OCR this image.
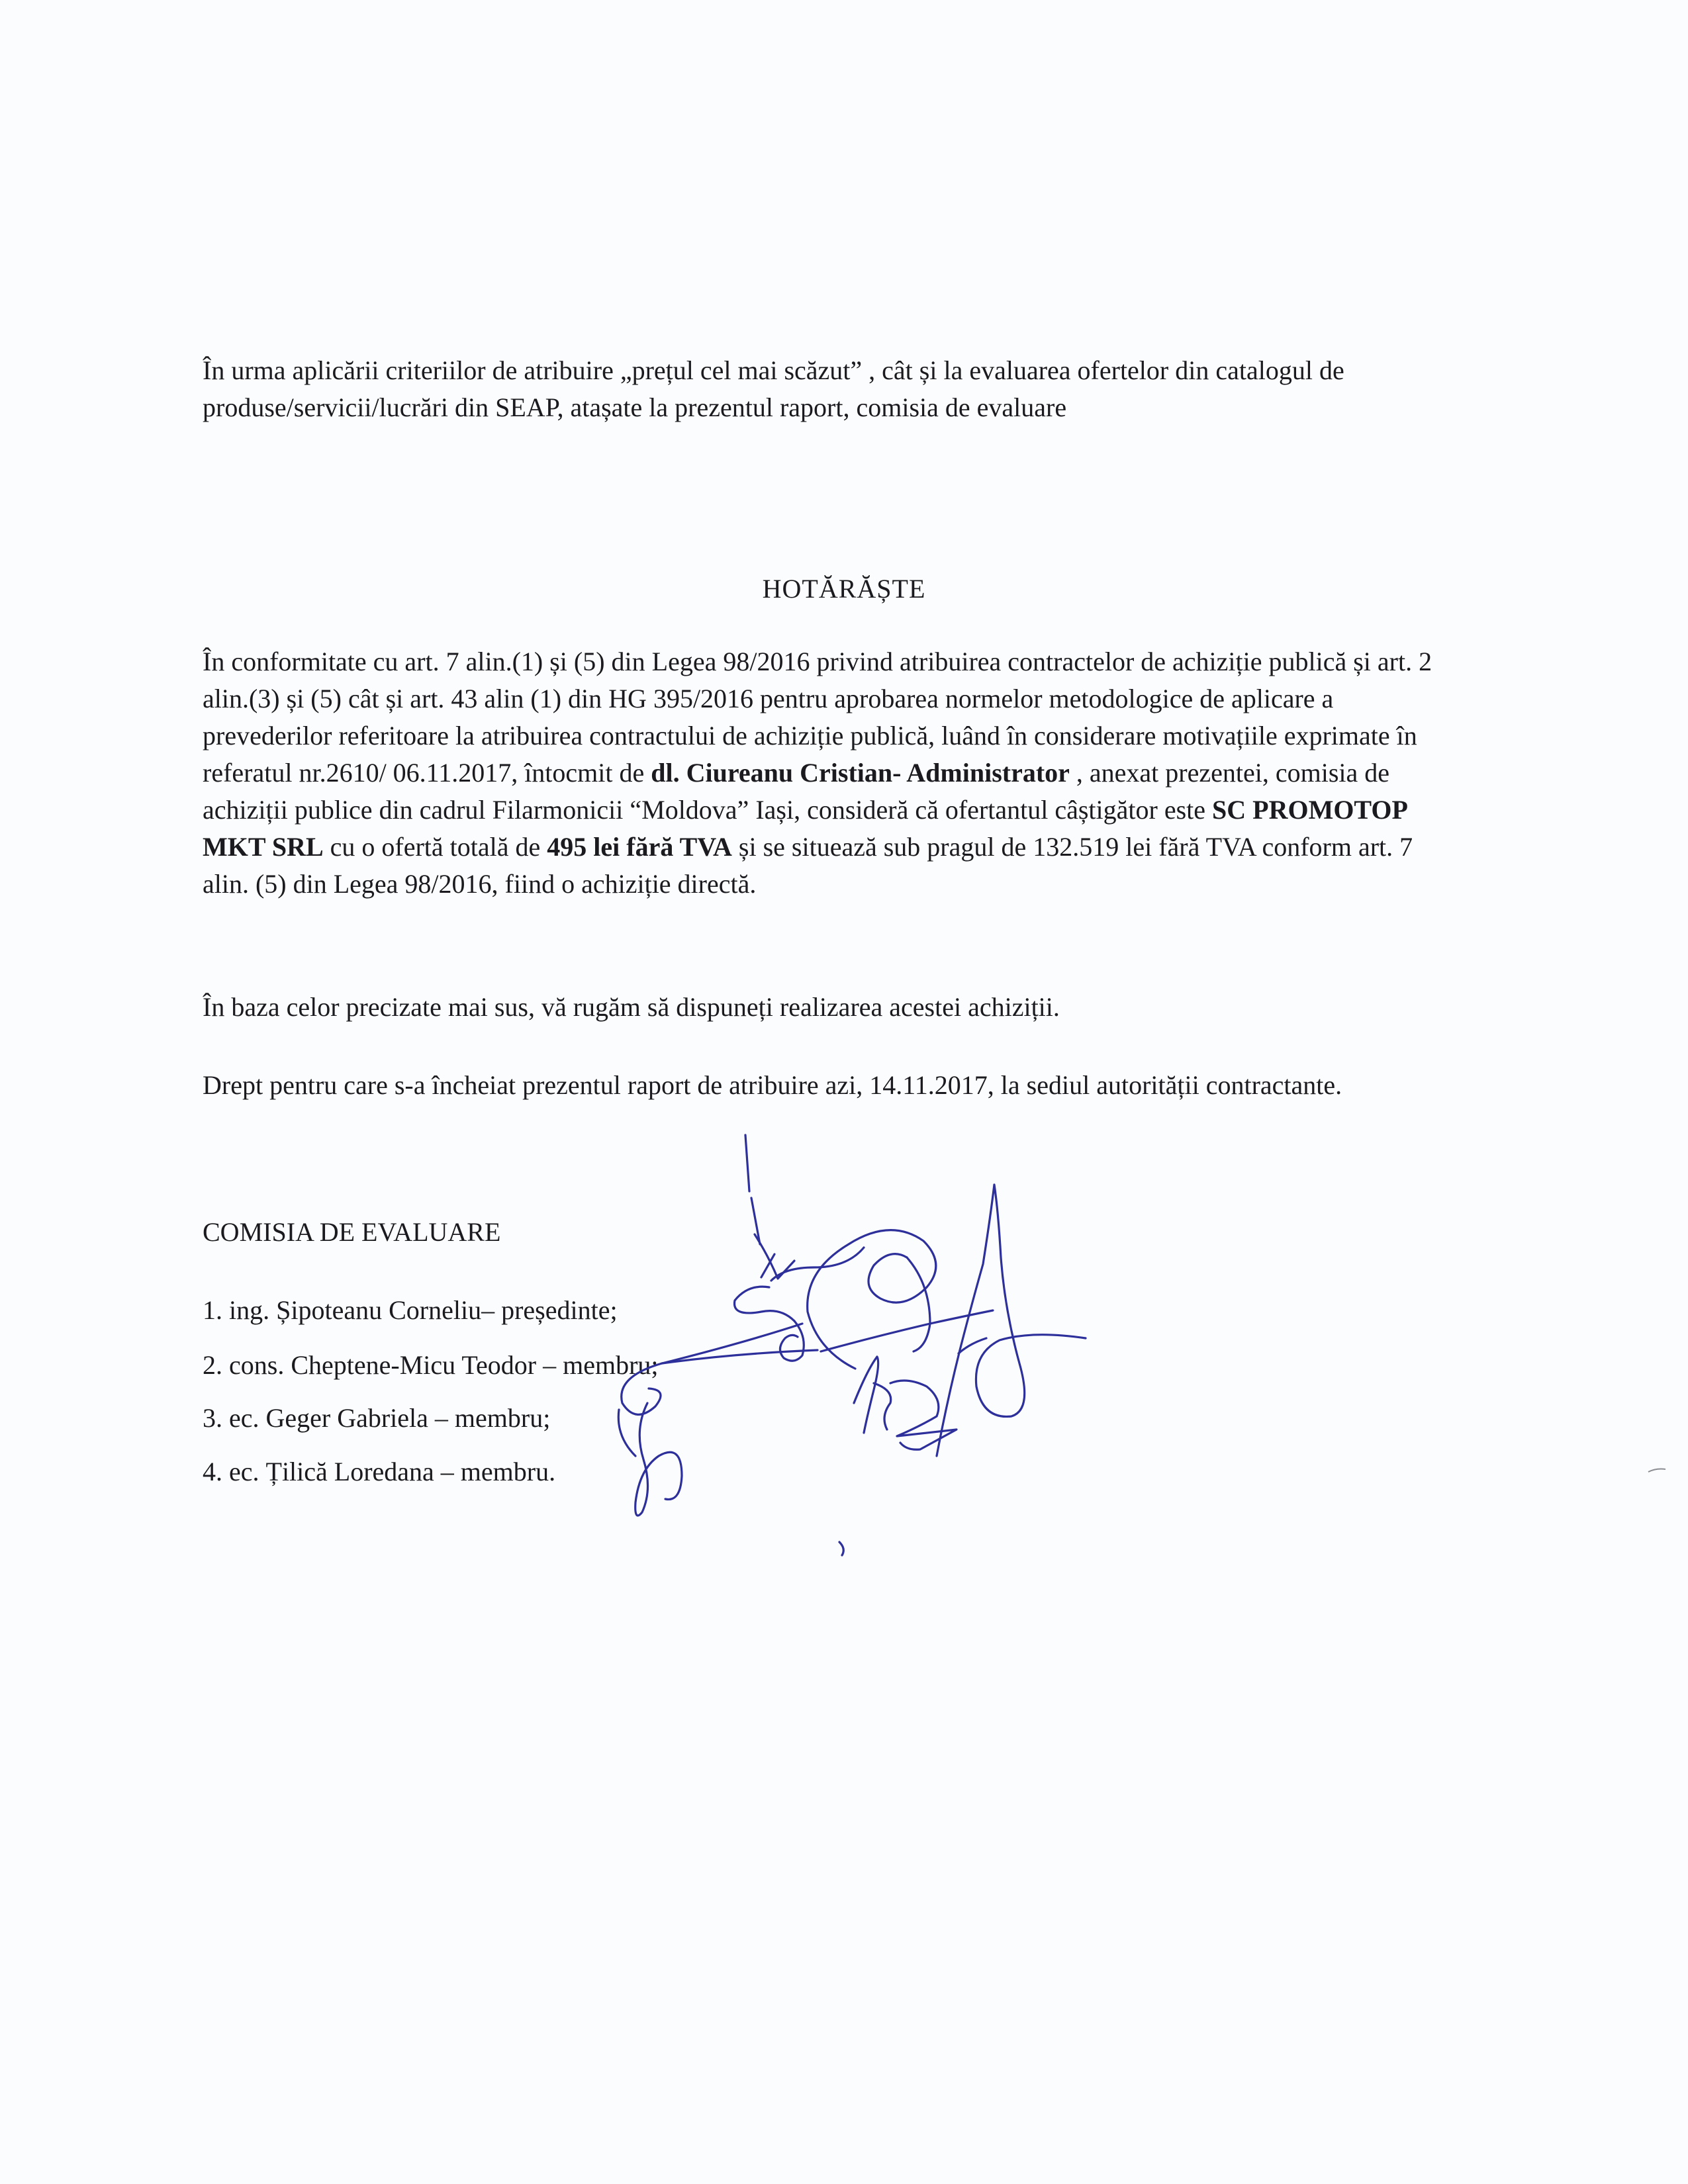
În urma aplicării criteriilor de atribuire „prețul cel mai scăzut” , cât și la evaluarea ofertelor din catalogul de produse/servicii/lucrări din SEAP, atașate la prezentul raport, comisia de evaluare

HOTĂRĂȘTE

În conformitate cu art. 7 alin.(1) și (5) din Legea 98/2016 privind atribuirea contractelor de achiziție publică și art. 2 alin.(3) și (5) cât și art. 43 alin (1) din HG 395/2016 pentru aprobarea normelor metodologice de aplicare a prevederilor referitoare la atribuirea contractului de achiziție publică, luând în considerare motivațiile exprimate în referatul nr.2610/ 06.11.2017, întocmit de dl. Ciureanu Cristian- Administrator , anexat prezentei, comisia de achiziții publice din cadrul Filarmonicii “Moldova” Iași, consideră că ofertantul câștigător este SC PROMOTOP MKT SRL cu o ofertă totală de 495 lei fără TVA și se situează sub pragul de 132.519 lei fără TVA conform art. 7 alin. (5) din Legea 98/2016, fiind o achiziție directă.

În baza celor precizate mai sus, vă rugăm să dispuneți realizarea acestei achiziții.

Drept pentru care s-a încheiat prezentul raport de atribuire azi, 14.11.2017, la sediul autorității contractante.

COMISIA DE EVALUARE
1. ing. Șipoteanu Corneliu– președinte;
2. cons. Cheptene-Micu Teodor – membru;
3. ec. Geger Gabriela – membru;
4. ec. Țilică Loredana – membru.
